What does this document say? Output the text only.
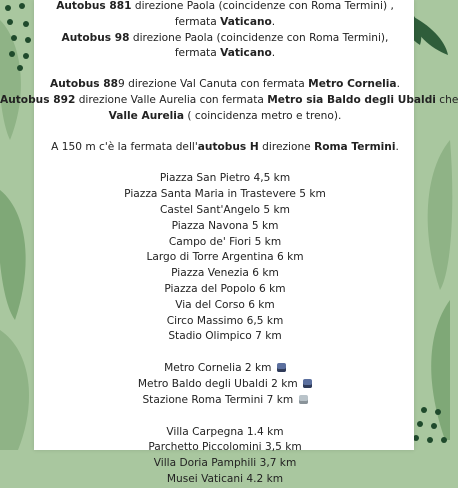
Autobus 881 direzione Paola (coincidenze con Roma Termini) ,
fermata Vaticano.
Autobus 98 direzione Paola (coincidenze con Roma Termini),
fermata Vaticano.
Autobus 889 direzione Val Canuta con fermata Metro Cornelia.
Autobus 892 direzione Valle Aurelia con fermata Metro sia Baldo degli Ubaldi che
Valle Aurelia ( coincidenza metro e treno).
A 150 m c'è la fermata dell'autobus H direzione Roma Termini.
Piazza San Pietro 4,5 km
Piazza Santa Maria in Trastevere 5 km
Castel Sant'Angelo 5 km
Piazza Navona 5 km
Campo de' Fiori 5 km
Largo di Torre Argentina 6 km
Piazza Venezia 6 km
Piazza del Popolo 6 km
Via del Corso 6 km
Circo Massimo 6,5 km
Stadio Olimpico 7 km
Metro Cornelia 2 km
Metro Baldo degli Ubaldi 2 km
Stazione Roma Termini 7 km
Villa Carpegna 1.4 km
Parchetto Piccolomini 3,5 km
Villa Doria Pamphili 3,7 km
Musei Vaticani 4.2 km
